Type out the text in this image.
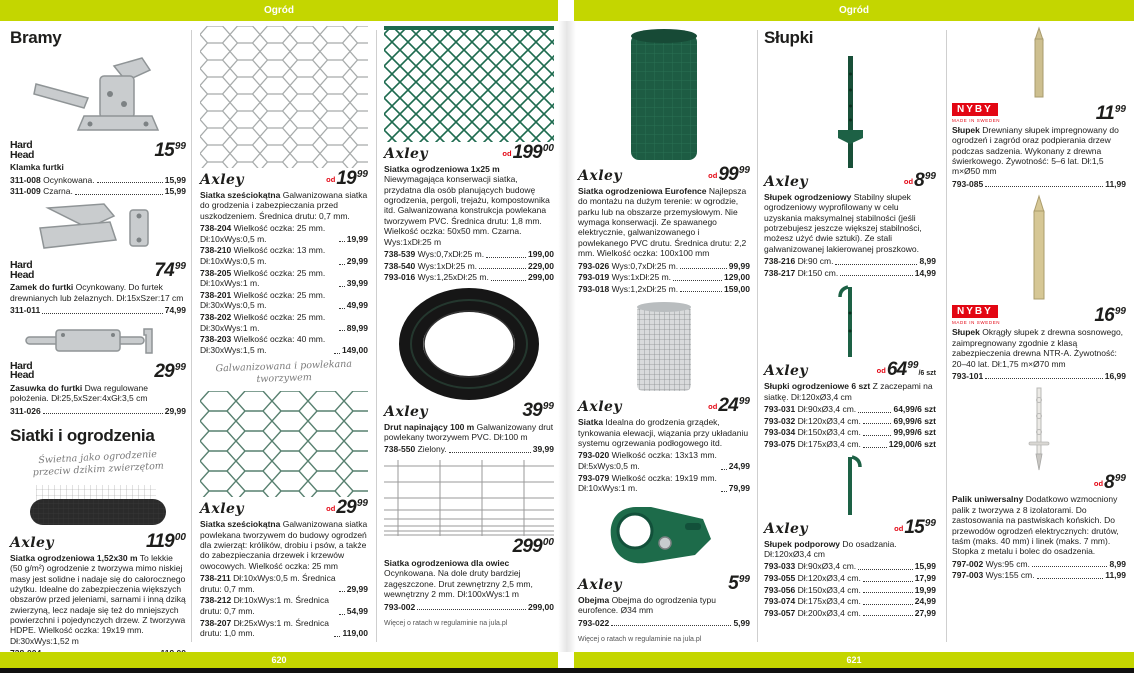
Ogród	Ogród
Bramy
Hard Head	$15^{99}$
Klamka furtki
311-008 Ocynkowana.	15,99
311-009 Czarna.	15,99
Hard Head	$74^{99}$
Zamek do furtki Ocynkowany. Do furtek drewnianych lub żelaznych. Dł:15xSzer:17 cm
311-011	74,99
Hard Head	$29^{99}$
Zasuwka do furtki Dwa regulowane położenia. Dł:25,5xSzer:4xGł:3,5 cm
311-026	29,99
Siatki i ogrodzenia
Świetna jako ogrodzenie
przeciw dzikim zwierzętom
Axley	$119^{00}$
Siatka ogrodzeniowa 1,52x30 m To lekkie (50 g/m²) ogrodzenie z tworzywa mimo niskiej masy jest solidne i nadaje się do całorocznego użytku. Idealne do zabezpieczenia większych obszarów przed jeleniami, sarnami i inną dziką zwierzyną, lecz nadaje się też do mniejszych powierzchni i pojedynczych drzew. Z tworzywa HDPE. Wielkość oczka: 19x19 mm. Dł:30xWys:1,52 m
Axley	$od19^{99}$
Siatka sześciokątna Galwanizowana siatka do grodzenia i zabezpieczania przed uszkodzeniem. Średnica drutu: 0,7 mm.
738-204 Wielkość oczka: 25 mm. Dł:10xWys:0,5 m.	19,99
738-210 Wielkość oczka: 13 mm. Dł:10xWys:0,5 m.	29,99
738-205 Wielkość oczka: 25 mm. Dł:10xWys:1 m.	39,99
738-201 Wielkość oczka: 25 mm. Dł:30xWys:0,5 m.	49,99
738-202 Wielkość oczka: 25 mm. Dł:30xWys:1 m.	89,99
738-203 Wielkość oczka: 40 mm. Dł:30xWys:1,5 m.	149,00
Galwanizowana i powlekana
tworzywem
Axley	$od29^{99}$
Siatka sześciokątna Galwanizowana siatka powlekana tworzywem do budowy ogrodzeń dla zwierząt: królików, drobiu i psów, a także do zabezpieczania drzewek i krzewów owocowych. Wielkość oczka: 25 mm
738-211 Dł:10xWys:0,5 m. Średnica drutu: 0,7 mm.	29,99
738-212 Dł:10xWys:1 m. Średnica drutu: 0,7 mm.	54,99
738-207 Dł:25xWys:1 m. Średnica drutu: 1,0 mm.	119,00
Axley	$od199^{00}$
Siatka ogrodzeniowa 1x25 m Niewymagająca konserwacji siatka, przydatna dla osób planujących budowę ogrodzenia, pergoli, trejażu, kompostownika itd. Galwanizowana konstrukcja powlekana tworzywem PVC. Średnica drutu: 1,8 mm. Wielkość oczka: 50x50 mm. Czarna. Wys:1xDł:25 m
738-539 Wys:0,7xDł:25 m.	199,00
738-540 Wys:1xDł:25 m.	229,00
793-016 Wys:1,25xDł:25 m.	299,00
Axley	$39^{99}$
Drut napinający 100 m Galwanizowany drut powlekany tworzywem PVC. Dł:100 m
738-550 Zielony.	39,99
$299^{00}$
Siatka ogrodzeniowa dla owiec Ocynkowana. Na dole druty bardziej zagęszczone. Drut zewnętrzny 2,5 mm, wewnętrzny 2 mm. Dł:100xWys:1 m
793-002	299,00
Więcej o ratach w regulaminie na jula.pl
Axley	$od99^{99}$
Siatka ogrodzeniowa Eurofence Najlepsza do montażu na dużym terenie: w ogrodzie, parku lub na obszarze przemysłowym. Nie wymaga konserwacji. Ze spawanego elektrycznie, galwanizowanego i powlekanego PVC drutu. Średnica drutu: 2,2 mm. Wielkość oczka: 100x100 mm
793-026 Wys:0,7xDł:25 m.	99,99
793-019 Wys:1xDł:25 m.	129,00
793-018 Wys:1,2xDł:25 m.	159,00
Axley	$od24^{99}$
Siatka Idealna do grodzenia grządek, tynkowania elewacji, wiązania przy układaniu systemu ogrzewania podłogowego itd.
793-020 Wielkość oczka: 13x13 mm. Dł:5xWys:0,5 m.	24,99
793-079 Wielkość oczka: 19x19 mm. Dł:10xWys:1 m.	79,99
Axley	$5^{99}$
Obejma Obejma do ogrodzenia typu eurofence. Ø34 mm
793-022	5,99
Więcej o ratach w regulaminie na jula.pl
Słupki
Axley	$od8^{99}$
Słupek ogrodzeniowy Stabilny słupek ogrodzeniowy wyprofilowany w celu uzyskania maksymalnej stabilności (jeśli potrzebujesz jeszcze większej stabilności, możesz użyć dwie sztuki). Ze stali galwanizowanej lakierowanej proszkowo.
738-216 Dł:90 cm.	8,99
738-217 Dł:150 cm.	14,99
Axley	$od64^{99}/6$ szt
Słupki ogrodzeniowe 6 szt Z zaczepami na siatkę. Dł:120xØ3,4 cm
793-031 Dł:90xØ3,4 cm.	64,99/6 szt
793-032 Dł:120xØ3,4 cm.	69,99/6 szt
793-034 Dł:150xØ3,4 cm.	99,99/6 szt
793-075 Dł:175xØ3,4 cm.	129,00/6 szt
Axley	$od15^{99}$
Słupek podporowy Do osadzania. Dł:120xØ3,4 cm
793-033 Dł:90xØ3,4 cm.	15,99
793-055 Dł:120xØ3,4 cm.	17,99
793-056 Dł:150xØ3,4 cm.	19,99
793-074 Dł:175xØ3,4 cm.	24,99
793-057 Dł:200xØ3,4 cm.	27,99
NYBY
MADE IN SWEDEN	$11^{99}$
Słupek Drewniany słupek impregnowany do ogrodzeń i zagród oraz podpierania drzew podczas sadzenia. Wykonany z drewna świerkowego. Żywotność: 5–6 lat. Dł:1,5 m×Ø50 mm
793-085	11,99
NYBY
MADE IN SWEDEN	$16^{99}$
Słupek Okrągły słupek z drewna sosnowego, zaimpregnowany zgodnie z klasą zabezpieczenia drewna NTR-A. Żywotność: 20–40 lat. Dł:1,75 m×Ø70 mm
793-101	16,99
$od8^{99}$
Palik uniwersalny Dodatkowo wzmocniony palik z tworzywa z 8 izolatorami. Do zastosowania na pastwiskach końskich. Do przewodów ogrodzeń elektrycznych: drutów, taśm (maks. 40 mm) i linek (maks. 7 mm). Stopka z metalu i bolec do osadzenia.
797-002 Wys:95 cm.	8,99
797-003 Wys:155 cm.	11,99
620	621
